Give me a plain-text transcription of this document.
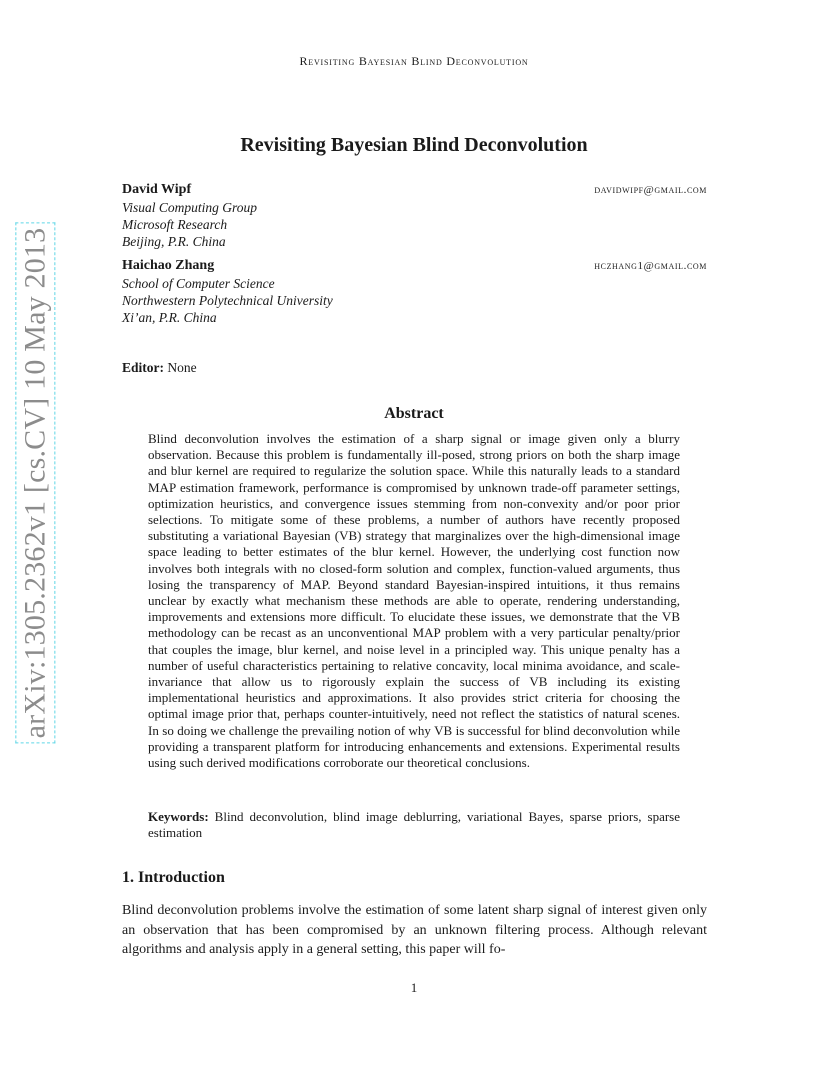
Revisiting Bayesian Blind Deconvolution
arXiv:1305.2362v1 [cs.CV] 10 May 2013
Revisiting Bayesian Blind Deconvolution
David Wipf	davidwipf@gmail.com
Visual Computing Group
Microsoft Research
Beijing, P.R. China
Haichao Zhang	hczhang1@gmail.com
School of Computer Science
Northwestern Polytechnical University
Xi’an, P.R. China
Editor: None
Abstract
Blind deconvolution involves the estimation of a sharp signal or image given only a blurry observation. Because this problem is fundamentally ill-posed, strong priors on both the sharp image and blur kernel are required to regularize the solution space. While this naturally leads to a standard MAP estimation framework, performance is compromised by unknown trade-off parameter settings, optimization heuristics, and convergence issues stemming from non-convexity and/or poor prior selections. To mitigate some of these problems, a number of authors have recently proposed substituting a variational Bayesian (VB) strategy that marginalizes over the high-dimensional image space leading to better estimates of the blur kernel. However, the underlying cost function now involves both integrals with no closed-form solution and complex, function-valued arguments, thus losing the transparency of MAP. Beyond standard Bayesian-inspired intuitions, it thus remains unclear by exactly what mechanism these methods are able to operate, rendering understanding, improvements and extensions more difficult. To elucidate these issues, we demonstrate that the VB methodology can be recast as an unconventional MAP problem with a very particular penalty/prior that couples the image, blur kernel, and noise level in a principled way. This unique penalty has a number of useful characteristics pertaining to relative concavity, local minima avoidance, and scale-invariance that allow us to rigorously explain the success of VB including its existing implementational heuristics and approximations. It also provides strict criteria for choosing the optimal image prior that, perhaps counter-intuitively, need not reflect the statistics of natural scenes. In so doing we challenge the prevailing notion of why VB is successful for blind deconvolution while providing a transparent platform for introducing enhancements and extensions. Experimental results using such derived modifications corroborate our theoretical conclusions.
Keywords: Blind deconvolution, blind image deblurring, variational Bayes, sparse priors, sparse estimation
1. Introduction
Blind deconvolution problems involve the estimation of some latent sharp signal of interest given only an observation that has been compromised by an unknown filtering process. Although relevant algorithms and analysis apply in a general setting, this paper will fo-
1
